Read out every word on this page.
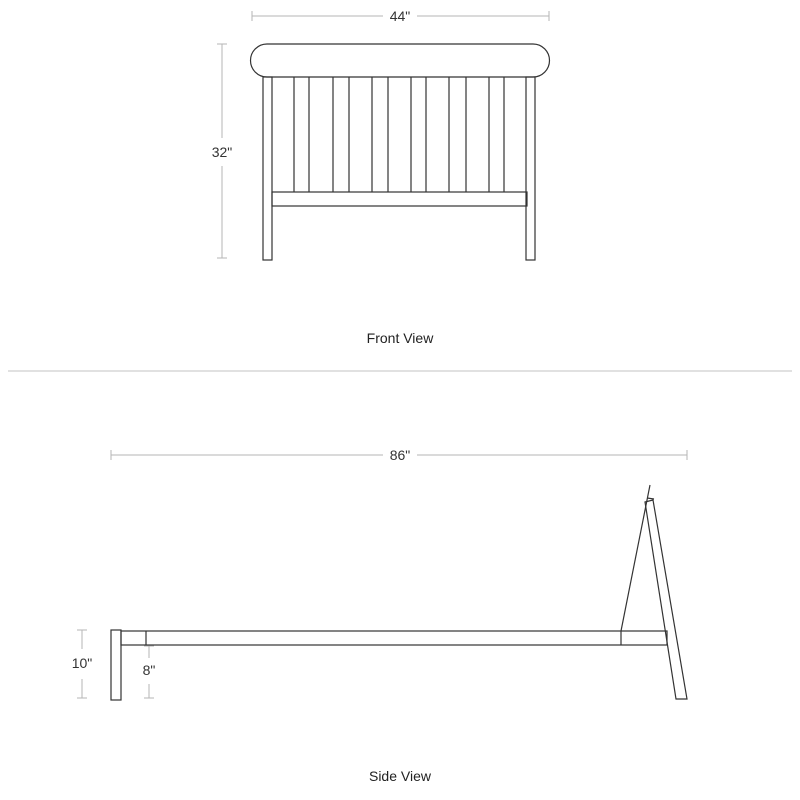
44"
32"
Front View
86"
10"	8"
Side View
